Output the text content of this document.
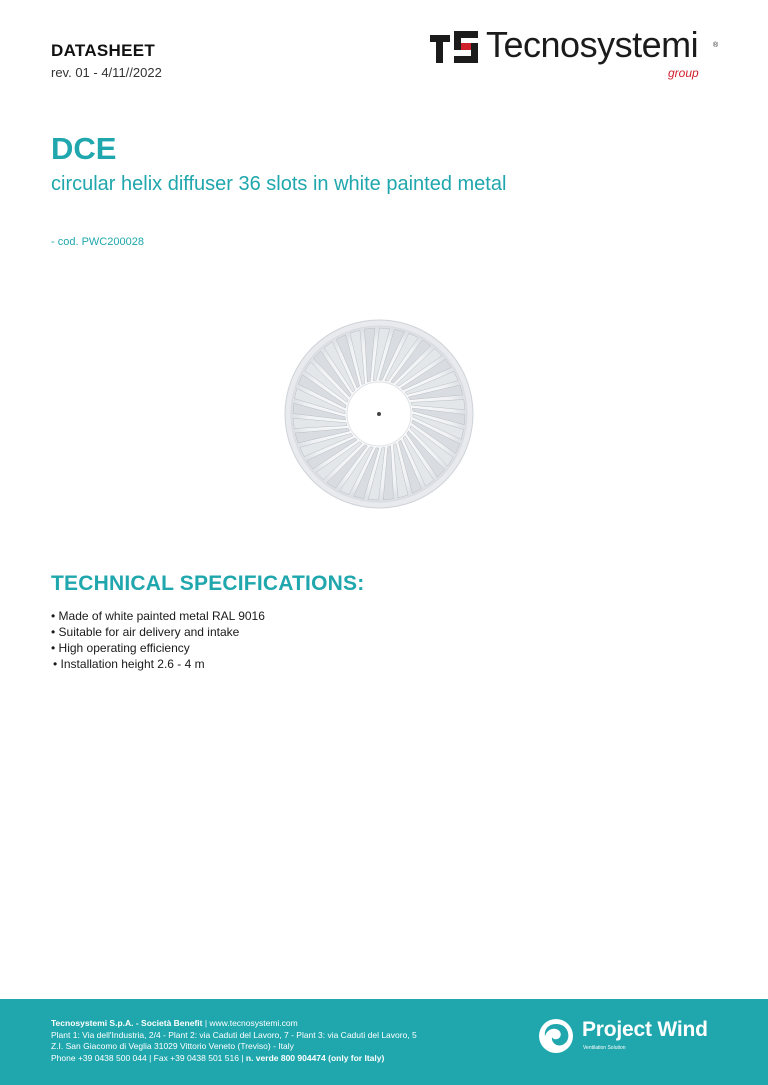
DATASHEET
rev. 01 - 4/11//2022
Tecnosystemi ®
group
DCE
circular helix diffuser 36 slots in white painted metal
- cod. PWC200028
TECHNICAL SPECIFICATIONS:
• Made of white painted metal RAL 9016
• Suitable for air delivery and intake
• High operating efficiency
• Installation height 2.6 - 4 m
Tecnosystemi S.p.A. - Società Benefit | www.tecnosystemi.com
Plant 1: Via dell'Industria, 2/4 - Plant 2: via Caduti del Lavoro, 7 - Plant 3: via Caduti del Lavoro, 5
Z.I. San Giacomo di Veglia 31029 Vittorio Veneto (Treviso) - Italy
Phone +39 0438 500 044 | Fax +39 0438 501 516 | n. verde 800 904474 (only for Italy)
Project Wind
Ventilation Solution
